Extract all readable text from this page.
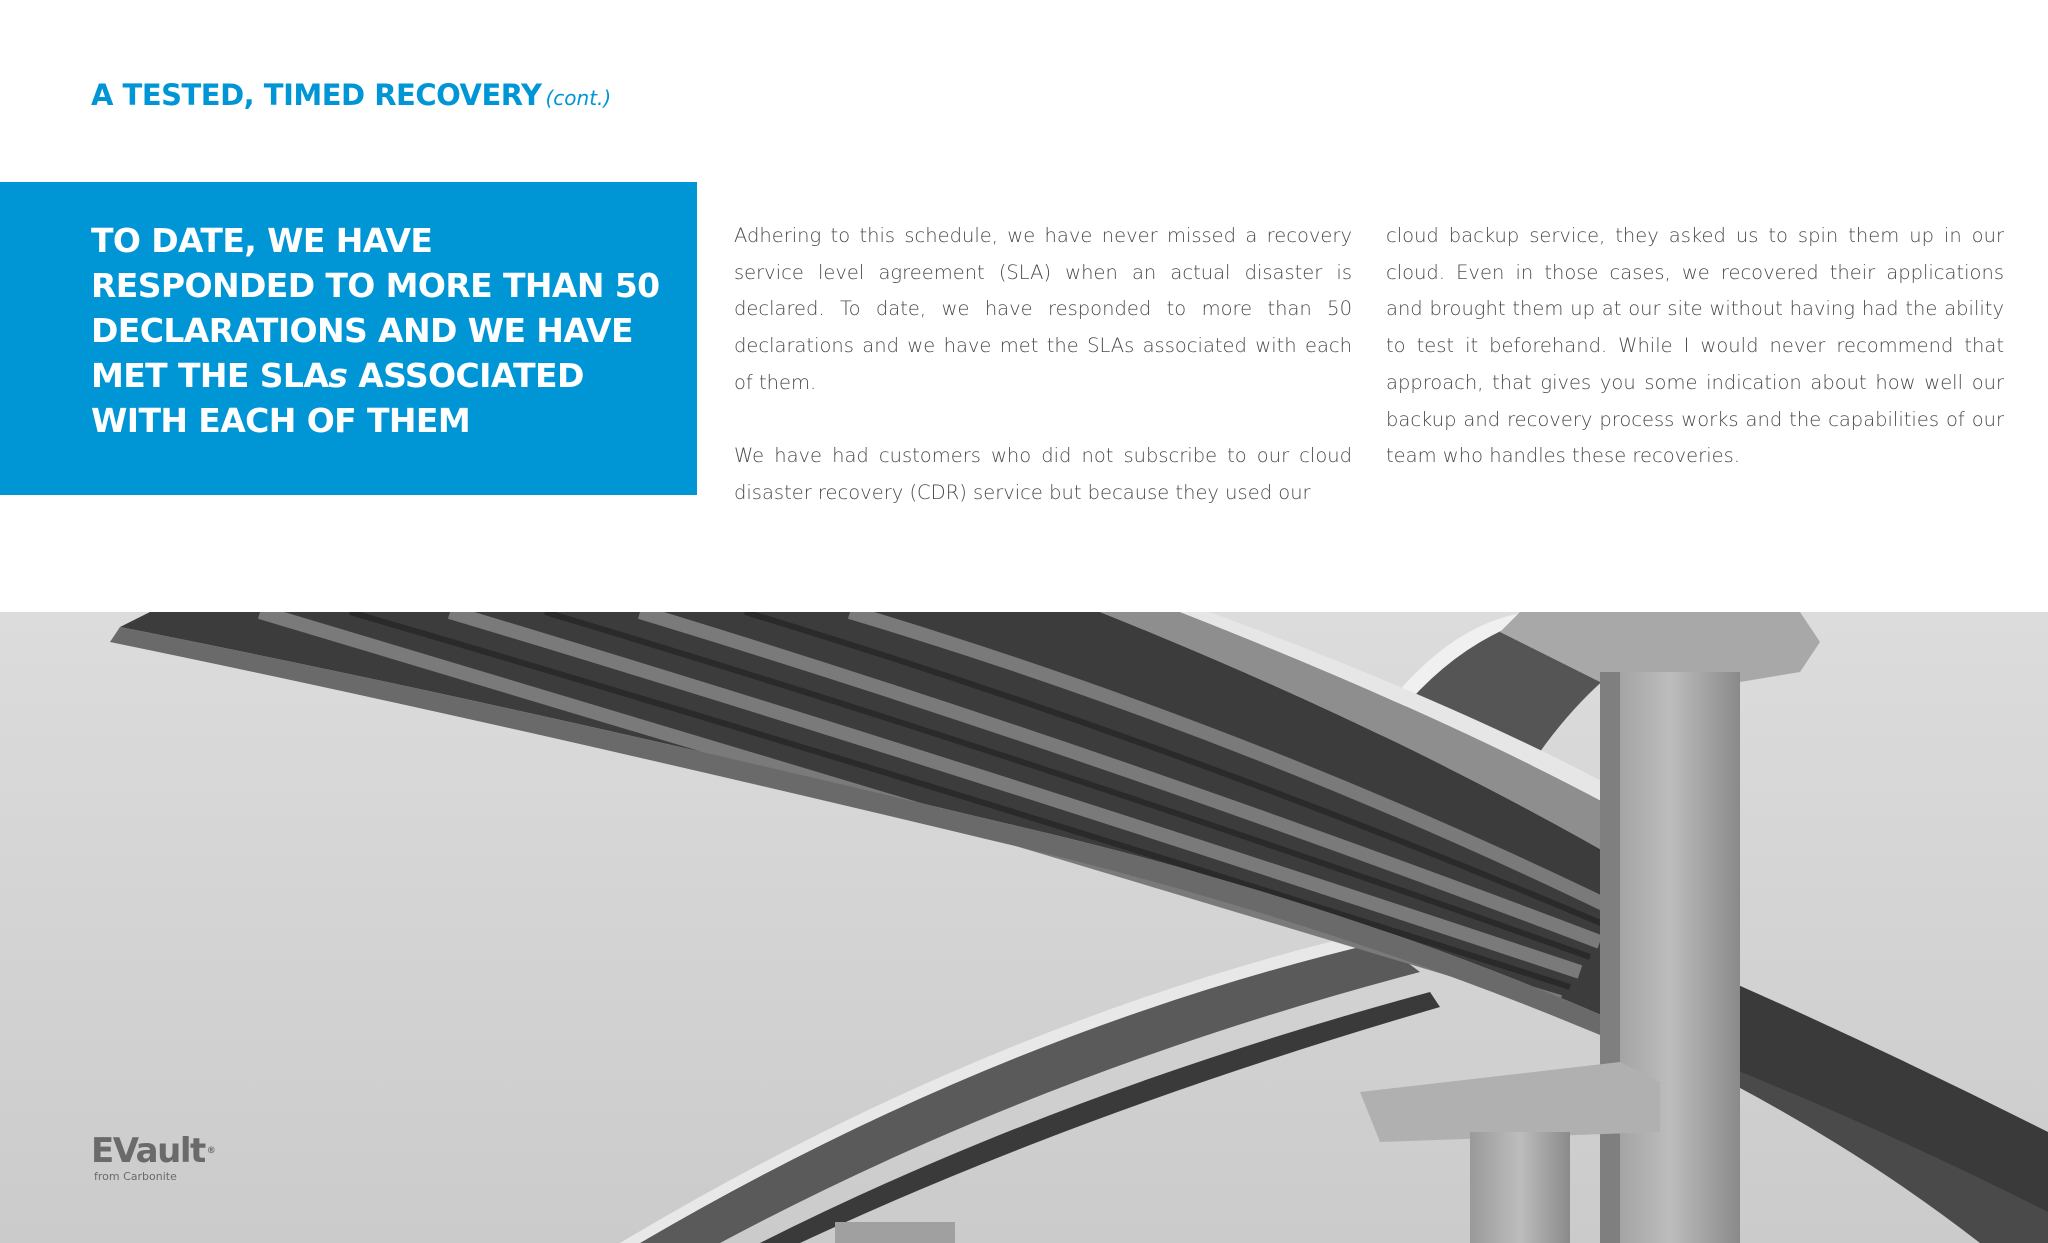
A TESTED, TIMED RECOVERY (cont.)
TO DATE, WE HAVE
RESPONDED TO MORE THAN 50
DECLARATIONS AND WE HAVE
MET THE SLAs ASSOCIATED
WITH EACH OF THEM

Adhering to this schedule, we have never missed a recovery service level agreement (SLA) when an actual disaster is declared. To date, we have responded to more than 50 declarations and we have met the SLAs associated with each of them.

We have had customers who did not subscribe to our cloud disaster recovery (CDR) service but because they used our

cloud backup service, they asked us to spin them up in our cloud. Even in those cases, we recovered their applications and brought them up at our site without having had the ability to test it beforehand. While I would never recommend that approach, that gives you some indication about how well our backup and recovery process works and the capabilities of our team who handles these recoveries.

EVault ®
from Carbonite
